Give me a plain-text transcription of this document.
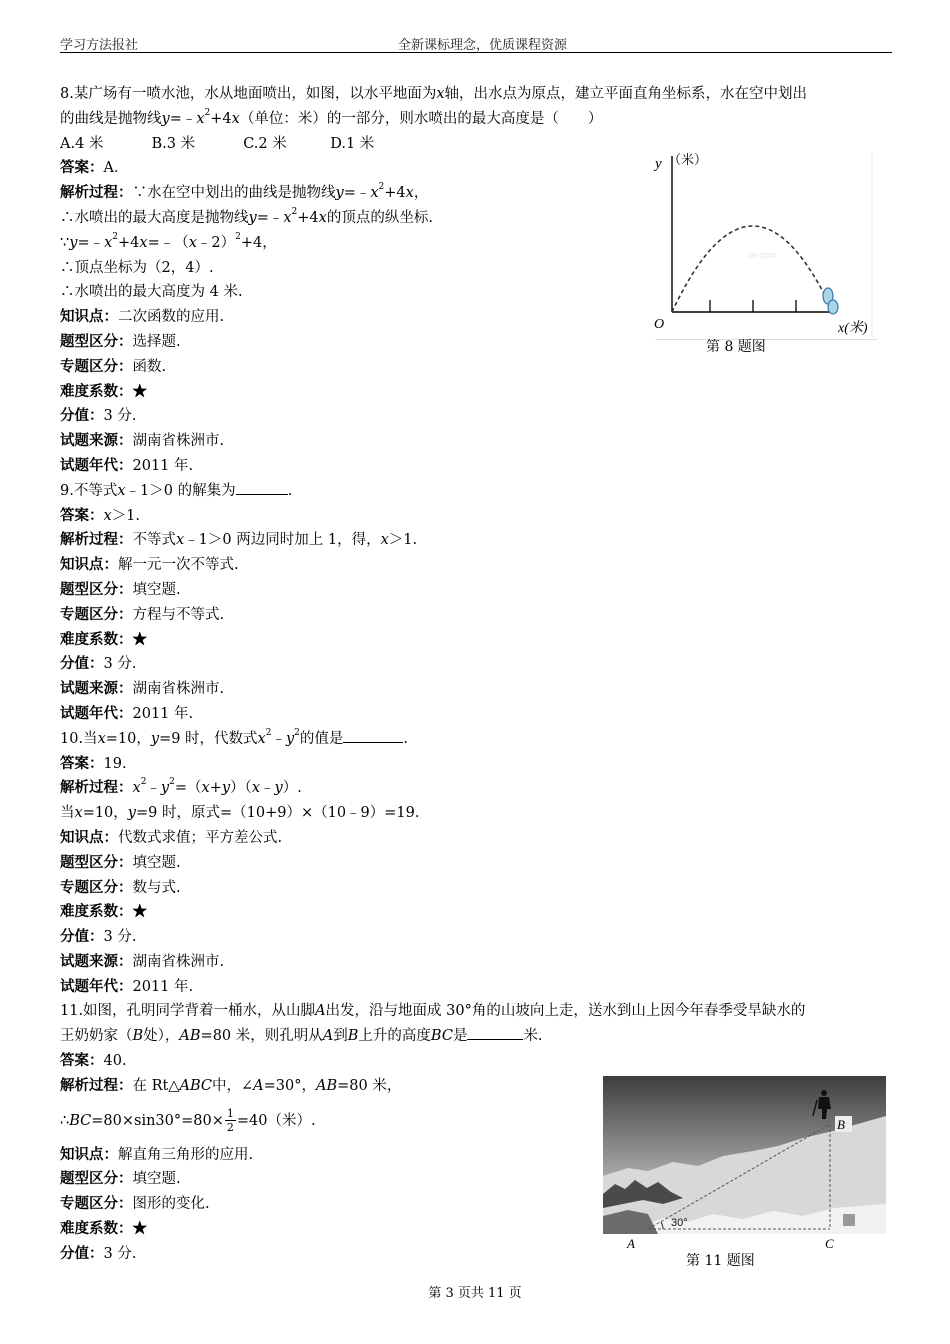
学习方法报社	全新课标理念，优质课程资源
8.某广场有一喷水池，水从地面喷出，如图，以水平地面为x轴，出水点为原点，建立平面直角坐标系，水在空中划出
的曲线是抛物线$y=﹣x^2+4x$（单位：米）的一部分，则水喷出的最大高度是（　　）
A.4 米　　　 B.3 米　　　 C.2 米　　　D.1 米
答案：A．
解析过程：∵水在空中划出的曲线是抛物线$y=﹣x^2+4x$，
∴水喷出的最大高度是抛物线$y=﹣x^2+4x$的顶点的纵坐标.
$\because y=﹣x^2+4x=﹣(x﹣2)^2+4$，
∴顶点坐标为（2，4）.
∴水喷出的最大高度为 4 米.
知识点：二次函数的应用.
题型区分：选择题.
专题区分：函数.
难度系数：★
分值：3 分.
试题来源：湖南省株洲市.
试题年代：2011 年.
9.不等式x﹣1＞0 的解集为	.
答案：x＞1.
解析过程：不等式x﹣1＞0 两边同时加上 1，得，x＞1.
知识点：解一元一次不等式.
题型区分：填空题.
专题区分：方程与不等式.
难度系数：★
分值：3 分.
试题来源：湖南省株洲市.
试题年代：2011 年.
10.当x=10，y=9 时，代数式$x^2﹣y^2$的值是	.
答案：19.
解析过程：$x^2﹣y^2=(x+y)(x﹣y)$.
当x=10，y=9 时，原式=（10+9）×（10﹣9）=19.
知识点：代数式求值；平方差公式.
题型区分：填空题.
专题区分：数与式.
难度系数：★
分值：3 分.
试题来源：湖南省株洲市.
试题年代：2011 年.
11.如图，孔明同学背着一桶水，从山脚A出发，沿与地面成 30°角的山坡向上走，送水到山上因今年春季受旱缺水的
王奶奶家（B处），AB=80 米，则孔明从A到B上升的高度BC是	米.
答案：40.
解析过程：在 Rt△ABC中，∠A=30°，AB=80 米，
∴BC=80×sin30°=80× $\frac{1}{2} =40$（米）.
知识点：解直角三角形的应用.
题型区分：填空题.
专题区分：图形的变化.
难度系数：★
分值：3 分.
oe.com
y （米）
O	x(米)
第 8 题图
30°
B
A	C
第 11 题图
第 3 页共 11 页
